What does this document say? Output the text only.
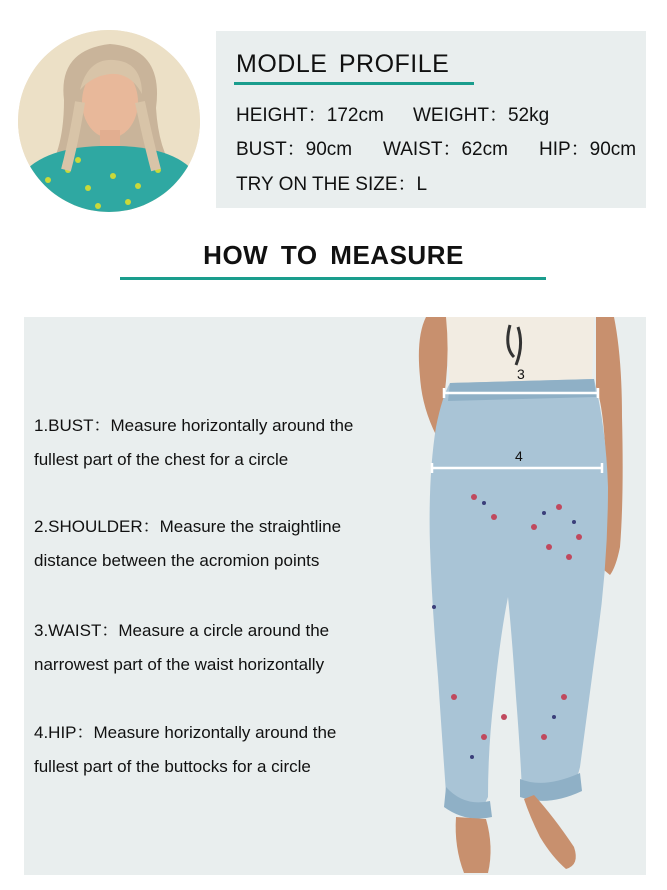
MODLE PROFILE
HEIGHT：172cm WEIGHT：52kg
BUST：90cm WAIST：62cm HIP：90cm
TRY ON THE SIZE：L
HOW TO MEASURE

1.BUST：Measure horizontally around the

fullest part of the chest for a circle

2.SHOULDER：Measure the straightline

distance between the acromion points

3.WAIST：Measure a circle around the

narrowest part of the waist horizontally

4.HIP：Measure horizontally around the

fullest part of the buttocks for a circle

3
4
